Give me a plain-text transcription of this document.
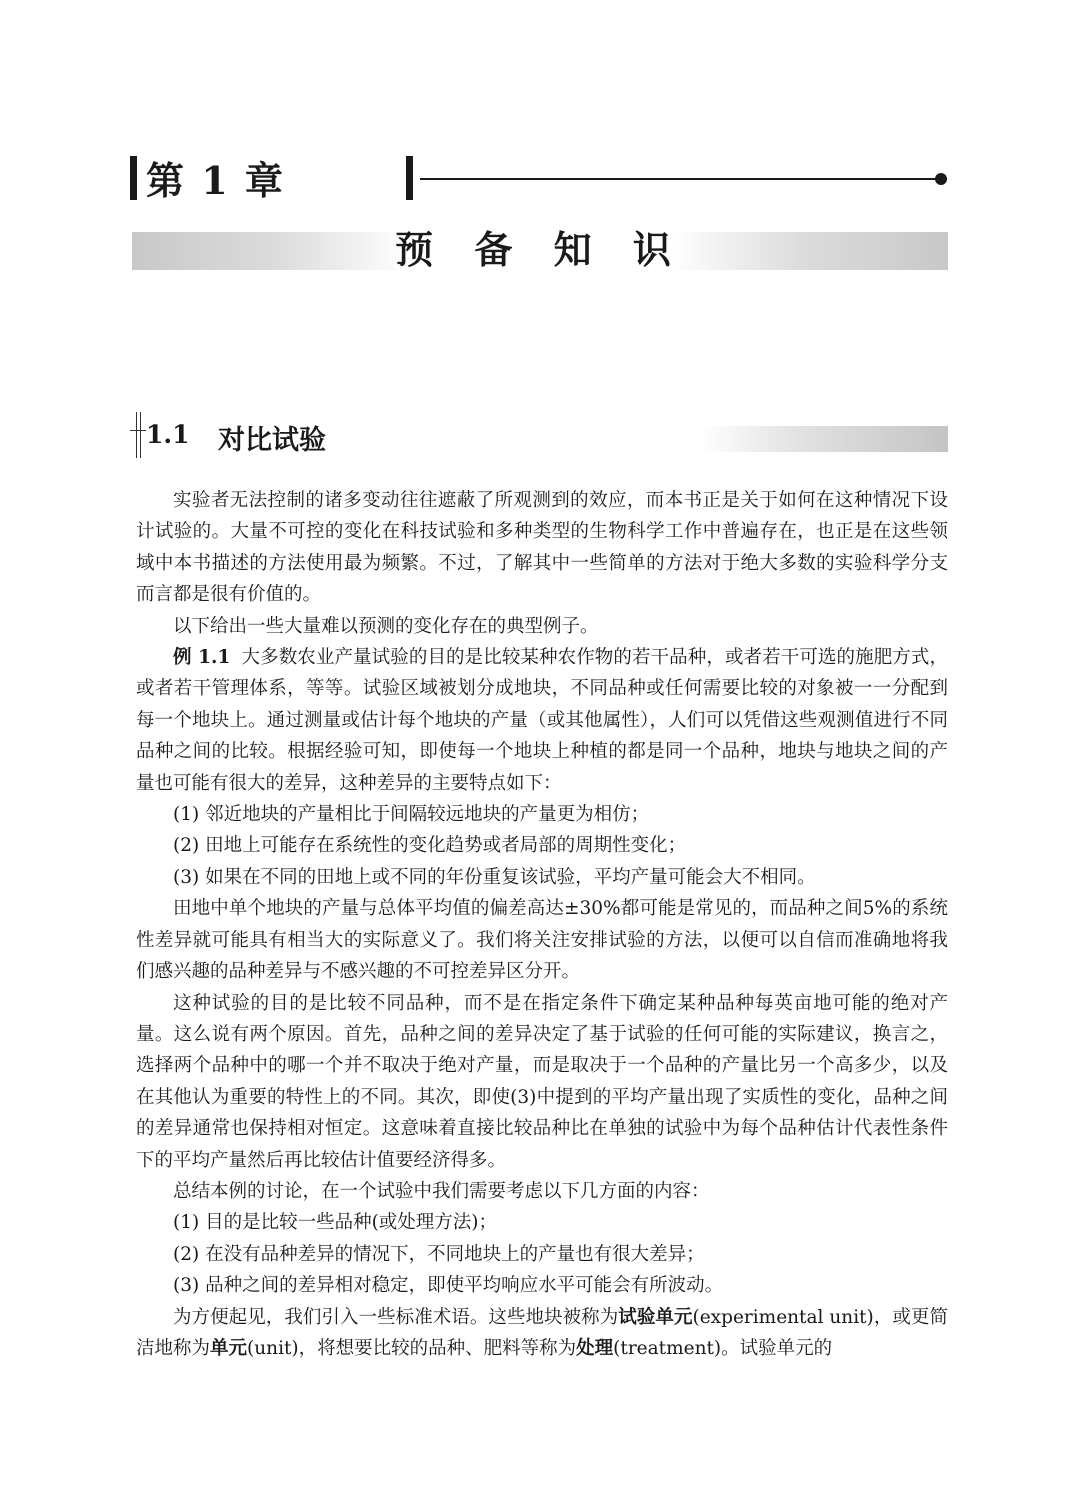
第 1 章
预 备 知 识
1.1 对比试验

实验者无法控制的诸多变动往往遮蔽了所观测到的效应，而本书正是关于如何在这种情况下设计试验的。大量不可控的变化在科技试验和多种类型的生物科学工作中普遍存在，也正是在这些领域中本书描述的方法使用最为频繁。不过，了解其中一些简单的方法对于绝大多数的实验科学分支而言都是很有价值的。

以下给出一些大量难以预测的变化存在的典型例子。

例 1.1 大多数农业产量试验的目的是比较某种农作物的若干品种，或者若干可选的施肥方式，或者若干管理体系，等等。试验区域被划分成地块，不同品种或任何需要比较的对象被一一分配到每一个地块上。通过测量或估计每个地块的产量（或其他属性），人们可以凭借这些观测值进行不同品种之间的比较。根据经验可知，即使每一个地块上种植的都是同一个品种，地块与地块之间的产量也可能有很大的差异，这种差异的主要特点如下：

(1) 邻近地块的产量相比于间隔较远地块的产量更为相仿；

(2) 田地上可能存在系统性的变化趋势或者局部的周期性变化；

(3) 如果在不同的田地上或不同的年份重复该试验，平均产量可能会大不相同。

田地中单个地块的产量与总体平均值的偏差高达±30%都可能是常见的，而品种之间5%的系统性差异就可能具有相当大的实际意义了。我们将关注安排试验的方法，以便可以自信而准确地将我们感兴趣的品种差异与不感兴趣的不可控差异区分开。

这种试验的目的是比较不同品种，而不是在指定条件下确定某种品种每英亩地可能的绝对产量。这么说有两个原因。首先，品种之间的差异决定了基于试验的任何可能的实际建议，换言之，选择两个品种中的哪一个并不取决于绝对产量，而是取决于一个品种的产量比另一个高多少，以及在其他认为重要的特性上的不同。其次，即使(3)中提到的平均产量出现了实质性的变化，品种之间的差异通常也保持相对恒定。这意味着直接比较品种比在单独的试验中为每个品种估计代表性条件下的平均产量然后再比较估计值要经济得多。

总结本例的讨论，在一个试验中我们需要考虑以下几方面的内容：

(1) 目的是比较一些品种(或处理方法)；

(2) 在没有品种差异的情况下，不同地块上的产量也有很大差异；

(3) 品种之间的差异相对稳定，即使平均响应水平可能会有所波动。

为方便起见，我们引入一些标准术语。这些地块被称为试验单元(experimental unit)，或更简洁地称为单元(unit)，将想要比较的品种、肥料等称为处理(treatment)。试验单元的
